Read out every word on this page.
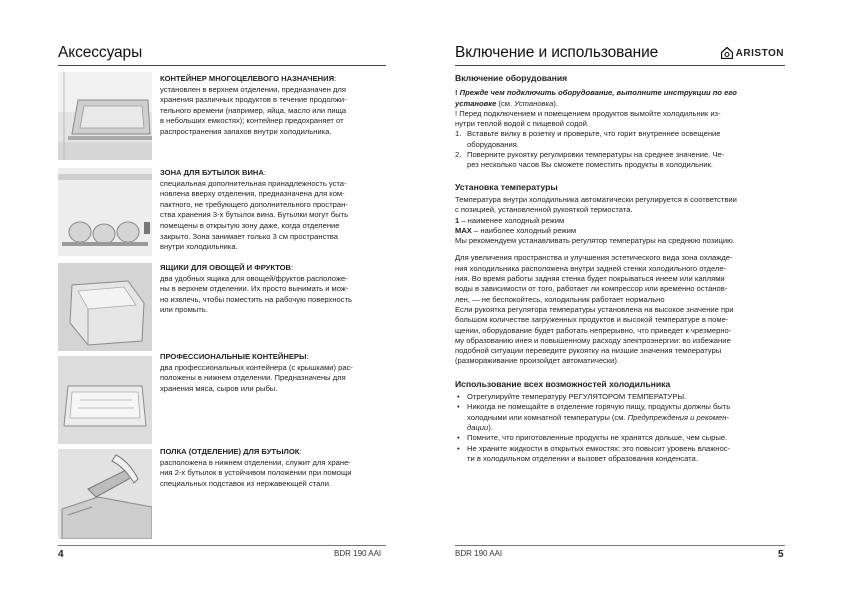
Аксессуары
КОНТЕЙНЕР МНОГОЦЕЛЕВОГО НАЗНАЧЕНИЯ:
установлен в верхнем отделении, предназначен для
хранения различных продуктов в течение продолжи-
тельного времени (например, яйца, масло или пища
в небольших емкостях); контейнер предохраняет от
распространения запахов внутри холодильника.
ЗОНА ДЛЯ БУТЫЛОК ВИНА:
специальная дополнительная принадлежность уста-
новлена вверху отделения, предназначена для ком-
пактного, не требующего дополнительного простран-
ства хранения 3-х бутылок вина. Бутылки могут быть
помещены в открытую зону даже, когда отделение
закрыто. Зона занимает только 3 см пространства
внутри холодильника.
ЯЩИКИ ДЛЯ ОВОЩЕЙ И ФРУКТОВ:
два удобных ящика для овощей/фруктов расположе-
ны в верхнем отделении. Их просто вынимать и мож-
но извлечь, чтобы поместить на рабочую поверхность
или промыть.
ПРОФЕССИОНАЛЬНЫЕ КОНТЕЙНЕРЫ:
два профессиональных контейнера (с крышками) рас-
положены в нижнем отделении. Предназначены для
хранения мяса, сыров или рыбы.
ПОЛКА (ОТДЕЛЕНИЕ) ДЛЯ БУТЫЛОК:
расположена в нижнем отделении, служит для хране-
ния 2-х бутылок в устойчивом положении при помощи
специальных подставок из нержавеющей стали.
4	BDR 190 AAI
Включение и использование	ARISTON
Включение оборудования
! Прежде чем подключить оборудование, выполните инструкции по его
установке (см. Установка).
! Перед подключением и помещением продуктов вымойте холодильник из-
нутри теплой водой с пищевой содой.
1. Вставьте вилку в розетку и проверьте, что горит внутреннее освещение
оборудования.
2. Поверните рукоятку регулировки температуры на среднее значение. Че-
рез несколько часов Вы сможете поместить продукты в холодильник.
Установка температуры
Температура внутри холодильника автоматически регулируется в соответствии
с позицией, установленной рукояткой термостата.
1 – наименее холодный режим
MAX – наиболее холодный режим
Мы рекомендуем устанавливать регулятор температуры на среднюю позицию.
Для увеличения пространства и улучшения эстетического вида зона охлажде-
ния холодильника расположена внутри задней стенки холодильного отделе-
ния. Во время работы задняя стенка будет покрываться инеем или каплями
воды в зависимости от того, работает ли компрессор или временно останов-
лен, — не беспокойтесь, холодильник работает нормально
Если рукоятка регулятора температуры установлена на высокое значение при
большом количестве загруженных продуктов и высокой температуре в поме-
щении, оборудование будет работать непрерывно, что приведет к чрезмерно-
му образованию инея и повышенному расходу электроэнергии: во избежание
подобной ситуации переведите рукоятку на низшие значения температуры
(размораживание произойдет автоматически).
Использование всех возможностей холодильника
• Отрегулируйте температуру РЕГУЛЯТОРОМ ТЕМПЕРАТУРЫ.
• Никогда не помещайте в отделение горячую пищу, продукты должны быть
холодными или комнатной температуры (см. Предупреждения и рекомен-
дации).
• Помните, что приготовленные продукты не хранятся дольше, чем сырые.
• Не храните жидкости в открытых емкостях: это повысит уровень влажнос-
ти в холодильном отделении и вызовет образования конденсата.
BDR 190 AAI	5
